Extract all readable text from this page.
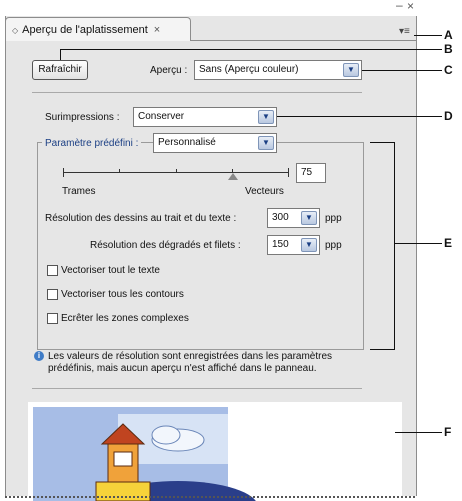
– ×
◇ Aperçu de l'aplatissement ×	▾≡
Rafraîchir	Aperçu :	Sans (Aperçu couleur)	▼
Surimpressions :	Conserver	▼
Paramètre prédéfini :	Personnalisé	▼
75
Trames	Vecteurs
Résolution des dessins au trait et du texte :	300	▼	ppp
Résolution des dégradés et filets :	150	▼	ppp
Vectoriser tout le texte
Vectoriser tous les contours
Ecrêter les zones complexes
i Les valeurs de résolution sont enregistrées dans les paramètres
prédéfinis, mais aucun aperçu n'est affiché dans le panneau.
A
B
C
D
E
F
